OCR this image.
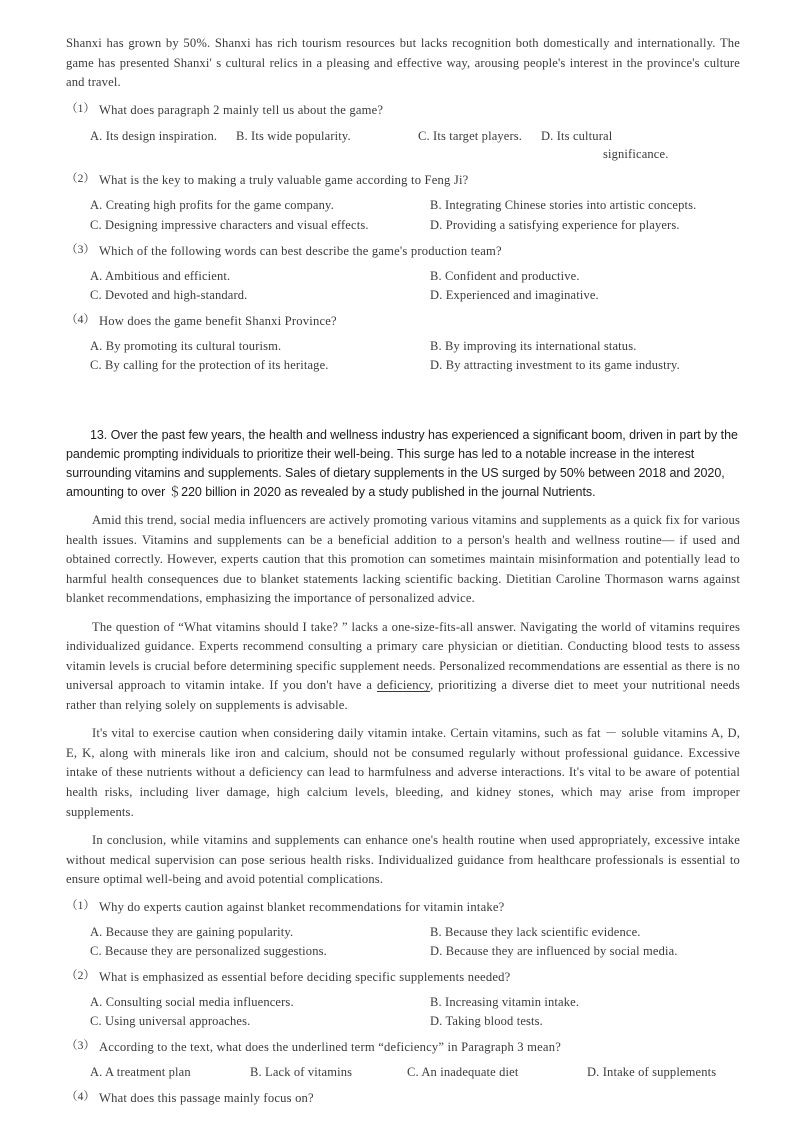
Shanxi has grown by 50%. Shanxi has rich tourism resources but lacks recognition both domestically and internationally. The game has presented Shanxi' s cultural relics in a pleasing and effective way, arousing people's interest in the province's culture and travel.

（1） What does paragraph 2 mainly tell us about the game?
A. Its design inspiration. B. Its wide popularity.	C. Its target players. D. Its cultural
significance.
（2） What is the key to making a truly valuable game according to Feng Ji?
A. Creating high profits for the game company.	B. Integrating Chinese stories into artistic concepts.
C. Designing impressive characters and visual effects.	D. Providing a satisfying experience for players.
（3） Which of the following words can best describe the game's production team?
A. Ambitious and efficient.	B. Confident and productive.
C. Devoted and high-standard.	D. Experienced and imaginative.
（4） How does the game benefit Shanxi Province?
A. By promoting its cultural tourism.	B. By improving its international status.
C. By calling for the protection of its heritage.	D. By attracting investment to its game industry.

13. Over the past few years, the health and wellness industry has experienced a significant boom, driven in part by the pandemic prompting individuals to prioritize their well-being. This surge has led to a notable increase in the interest surrounding vitamins and supplements. Sales of dietary supplements in the US surged by 50% between 2018 and 2020, amounting to over ＄220 billion in 2020 as revealed by a study published in the journal Nutrients.

Amid this trend, social media influencers are actively promoting various vitamins and supplements as a quick fix for various health issues. Vitamins and supplements can be a beneficial addition to a person's health and wellness routine— if used and obtained correctly. However, experts caution that this promotion can sometimes maintain misinformation and potentially lead to harmful health consequences due to blanket statements lacking scientific backing. Dietitian Caroline Thormason warns against blanket recommendations, emphasizing the importance of personalized advice.

The question of “What vitamins should I take? ” lacks a one-size-fits-all answer. Navigating the world of vitamins requires individualized guidance. Experts recommend consulting a primary care physician or dietitian. Conducting blood tests to assess vitamin levels is crucial before determining specific supplement needs. Personalized recommendations are essential as there is no universal approach to vitamin intake. If you don't have a deficiency, prioritizing a diverse diet to meet your nutritional needs rather than relying solely on supplements is advisable.

It's vital to exercise caution when considering daily vitamin intake. Certain vitamins, such as fat － soluble vitamins A, D, E, K, along with minerals like iron and calcium, should not be consumed regularly without professional guidance. Excessive intake of these nutrients without a deficiency can lead to harmfulness and adverse interactions. It's vital to be aware of potential health risks, including liver damage, high calcium levels, bleeding, and kidney stones, which may arise from improper supplements.

In conclusion, while vitamins and supplements can enhance one's health routine when used appropriately, excessive intake without medical supervision can pose serious health risks. Individualized guidance from healthcare professionals is essential to ensure optimal well-being and avoid potential complications.

（1） Why do experts caution against blanket recommendations for vitamin intake?
A. Because they are gaining popularity.	B. Because they lack scientific evidence.
C. Because they are personalized suggestions.	D. Because they are influenced by social media.
（2） What is emphasized as essential before deciding specific supplements needed?
A. Consulting social media influencers.	B. Increasing vitamin intake.
C. Using universal approaches.	D. Taking blood tests.
（3） According to the text, what does the underlined term “deficiency” in Paragraph 3 mean?
A. A treatment plan	B. Lack of vitamins	C. An inadequate diet	D. Intake of supplements
（4） What does this passage mainly focus on?
